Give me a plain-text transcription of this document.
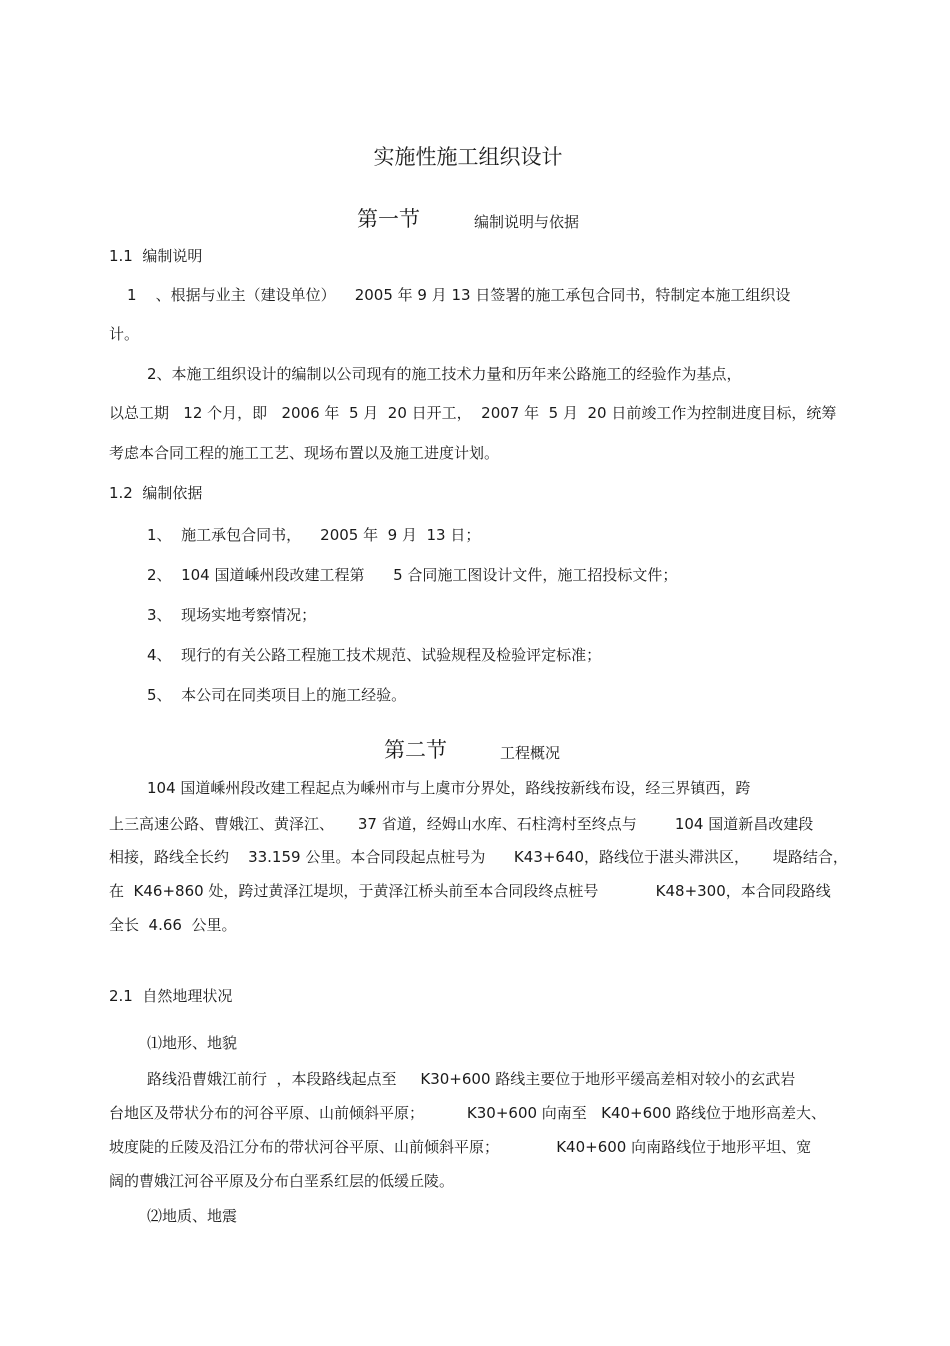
实施性施工组织设计
第一节	编制说明与依据
1.1  编制说明
1    、根据与业主（建设单位）    2005 年 9 月 13 日签署的施工承包合同书，特制定本施工组织设
计。
2、本施工组织设计的编制以公司现有的施工技术力量和历年来公路施工的经验作为基点，
以总工期   12 个月，即   2006 年  5 月  20 日开工，  2007 年  5 月  20 日前竣工作为控制进度目标，统筹
考虑本合同工程的施工工艺、现场布置以及施工进度计划。
1.2  编制依据
1、  施工承包合同书，    2005 年  9 月  13 日；
2、  104 国道嵊州段改建工程第      5 合同施工图设计文件，施工招投标文件；
3、  现场实地考察情况；
4、  现行的有关公路工程施工技术规范、试验规程及检验评定标准；
5、  本公司在同类项目上的施工经验。
第二节	工程概况
104 国道嵊州段改建工程起点为嵊州市与上虞市分界处，路线按新线布设，经三界镇西，跨
上三高速公路、曹娥江、黄泽江、     37 省道，经姆山水库、石柱湾村至终点与        104 国道新昌改建段
相接，路线全长约    33.159 公里。本合同段起点桩号为      K43+640，路线位于湛头滞洪区，     堤路结合，
在  K46+860 处，跨过黄泽江堤坝，于黄泽江桥头前至本合同段终点桩号            K48+300，本合同段路线
全长  4.66  公里。
2.1  自然地理状况
⑴地形、地貌
路线沿曹娥江前行  ，本段路线起点至     K30+600 路线主要位于地形平缓高差相对较小的玄武岩
台地区及带状分布的河谷平原、山前倾斜平原；         K30+600 向南至   K40+600 路线位于地形高差大、
坡度陡的丘陵及沿江分布的带状河谷平原、山前倾斜平原；            K40+600 向南路线位于地形平坦、宽
阔的曹娥江河谷平原及分布白垩系红层的低缓丘陵。
⑵地质、地震
